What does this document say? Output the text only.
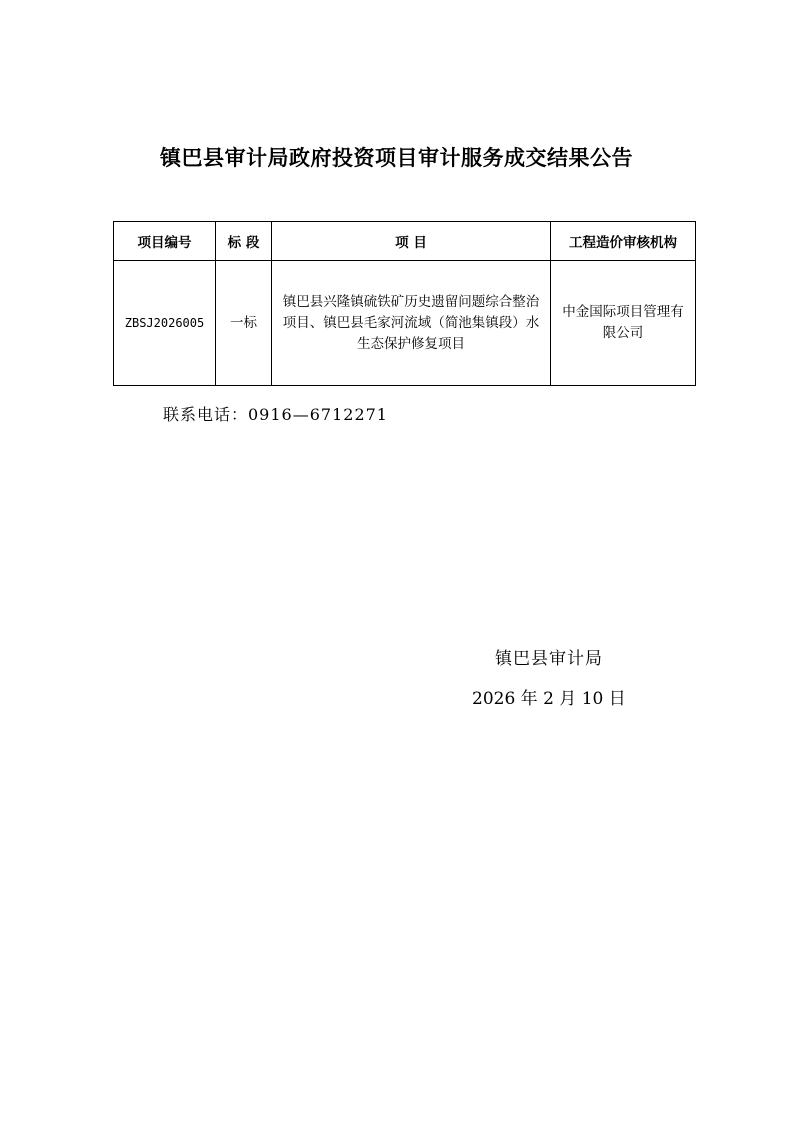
镇巴县审计局政府投资项目审计服务成交结果公告
项目编号	标 段	项 目	工程造价审核机构
ZBSJ2026005	一标	镇巴县兴隆镇硫铁矿历史遗留问题综合整治项目、镇巴县毛家河流域（简池集镇段）水生态保护修复项目	中金国际项目管理有限公司
联系电话：0916—6712271
镇巴县审计局
2026 年 2 月 10 日
